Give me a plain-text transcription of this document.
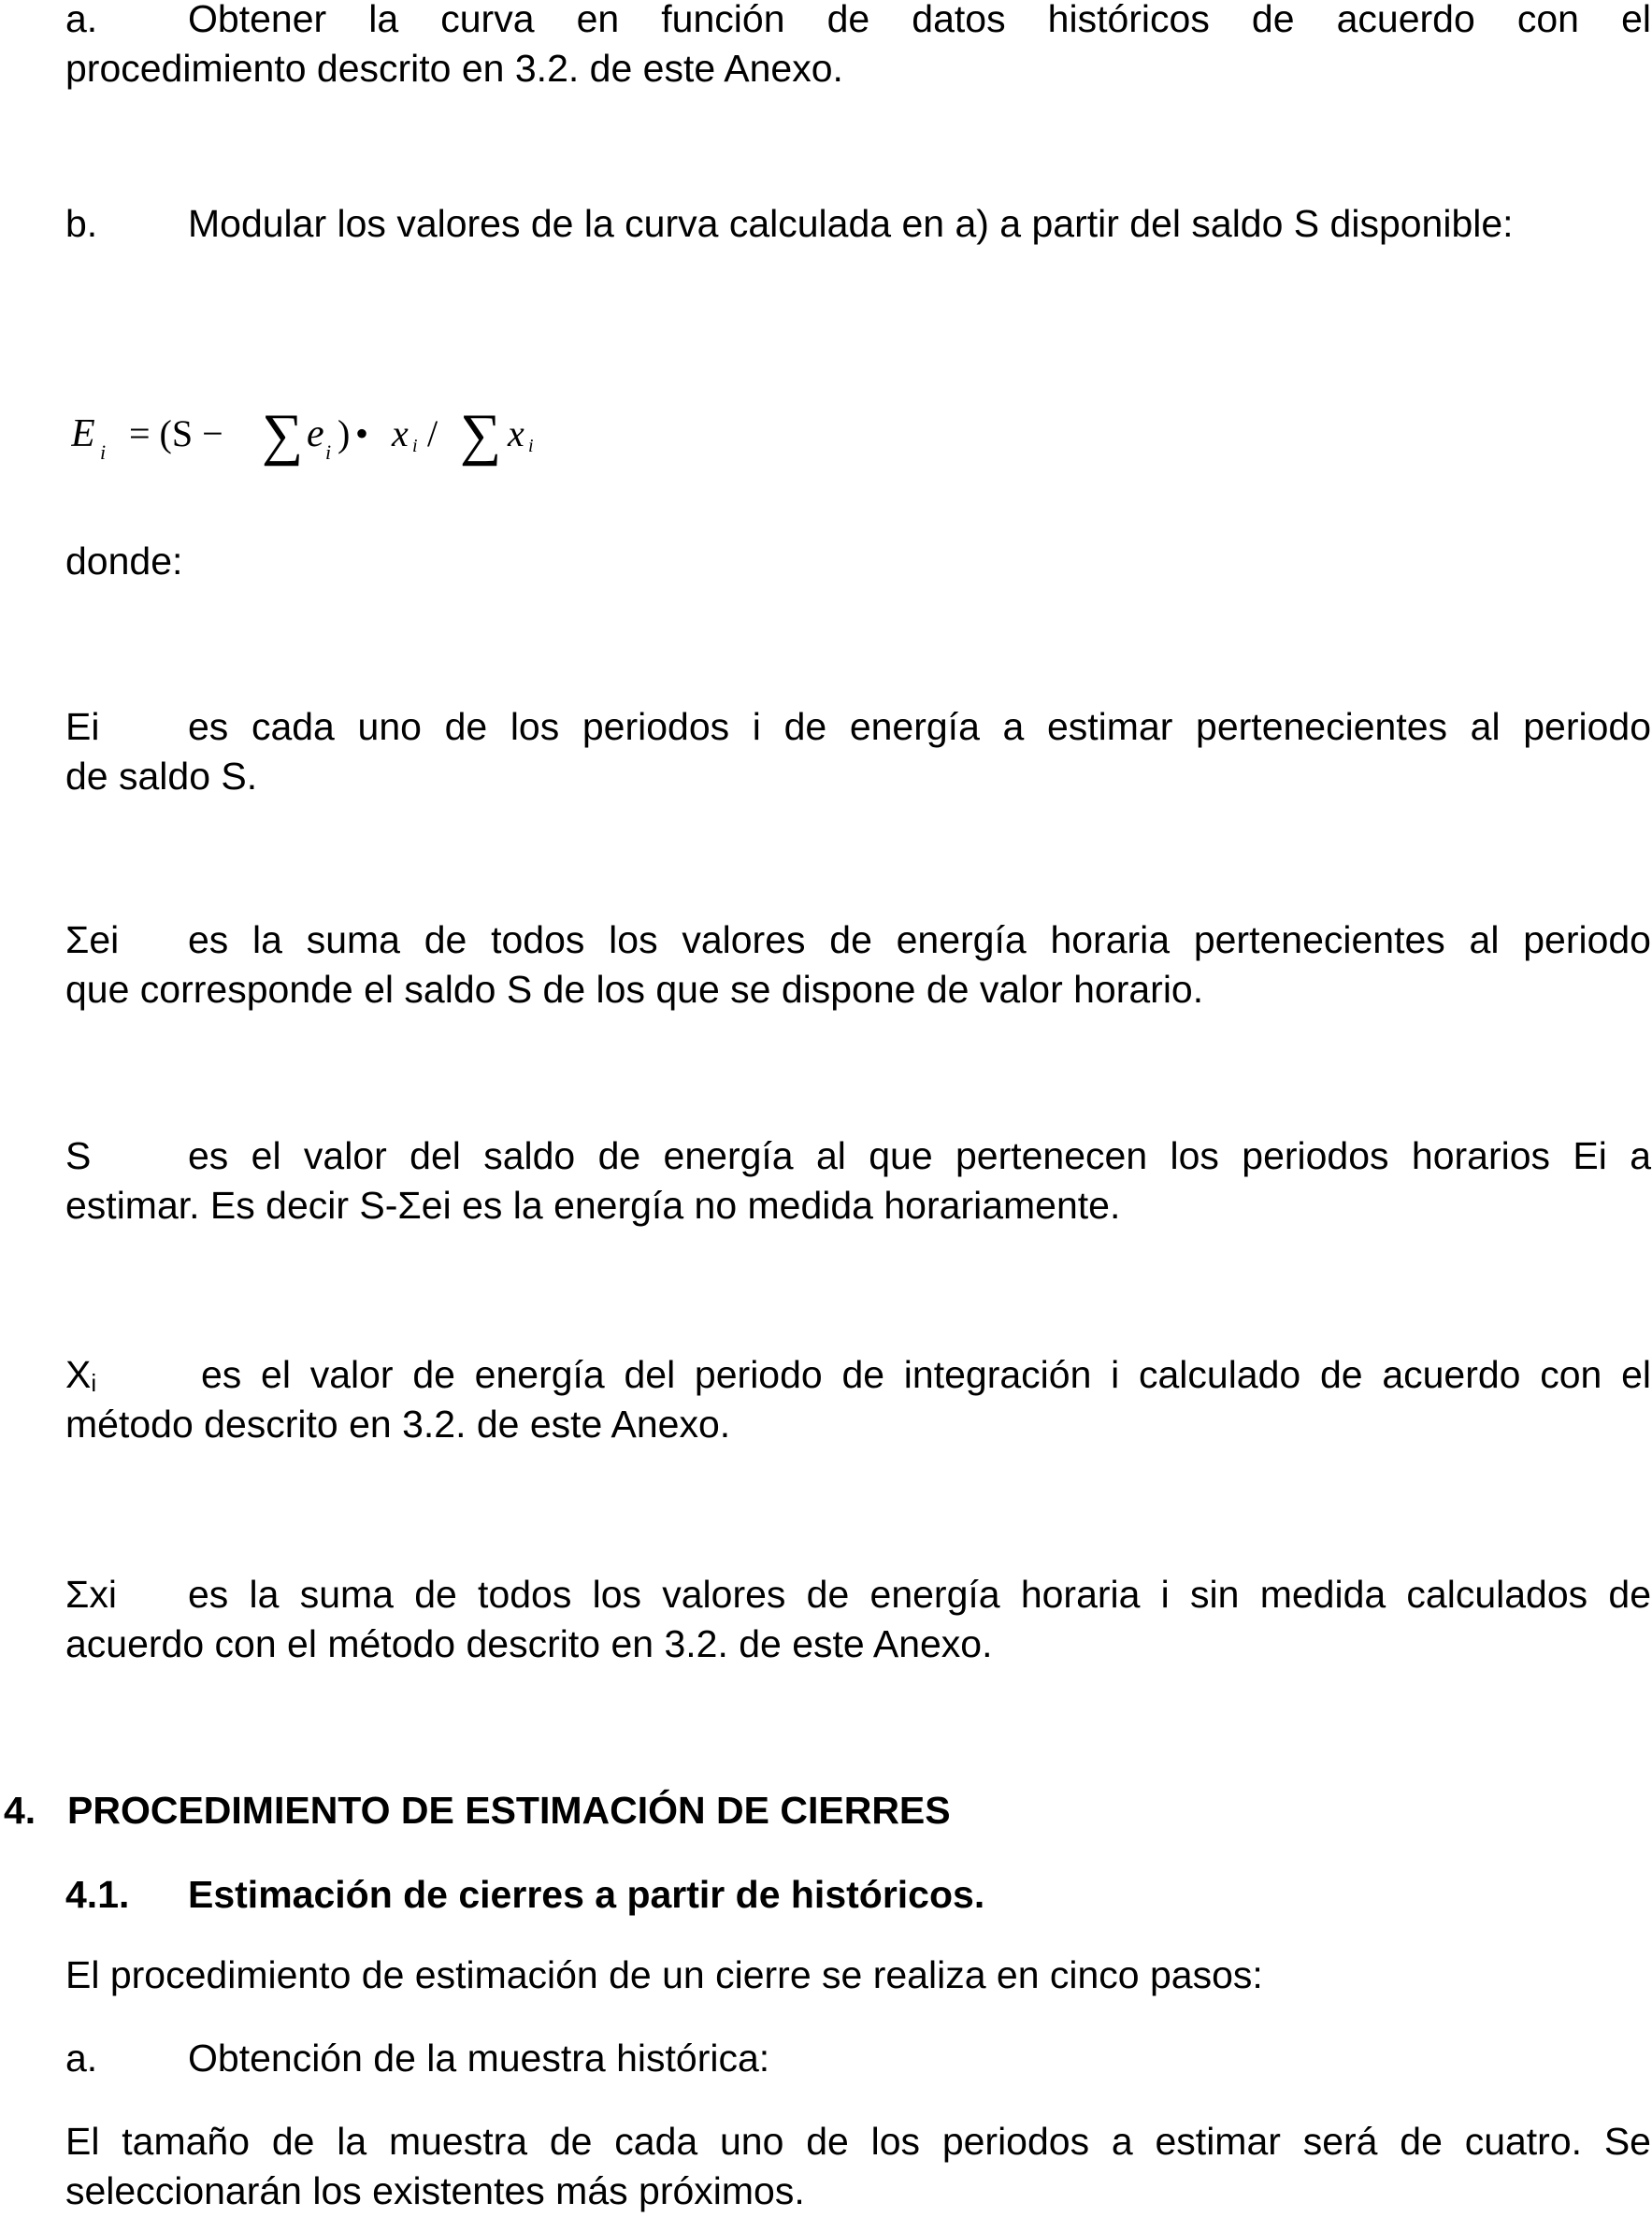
a.	Obtener la curva en función de datos históricos de acuerdo con el
procedimiento descrito en 3.2. de este Anexo.
b.	Modular los valores de la curva calculada en a) a partir del saldo S disponible:
E i = (S − ∑ e i ) • x i / ∑ x i
donde:
Ei	es cada uno de los periodos i de energía a estimar pertenecientes al periodo
de saldo S.
Σei	es la suma de todos los valores de energía horaria pertenecientes al periodo
que corresponde el saldo S de los que se dispone de valor horario.
S	es el valor del saldo de energía al que pertenecen los periodos horarios Ei a
estimar. Es decir S-Σei es la energía no medida horariamente.
$X_i$	es el valor de energía del periodo de integración i calculado de acuerdo con el
método descrito en 3.2. de este Anexo.
Σxi	es la suma de todos los valores de energía horaria i sin medida calculados de
acuerdo con el método descrito en 3.2. de este Anexo.
4. PROCEDIMIENTO DE ESTIMACIÓN DE CIERRES
4.1. Estimación de cierres a partir de históricos.
El procedimiento de estimación de un cierre se realiza en cinco pasos:
a.	Obtención de la muestra histórica:
El tamaño de la muestra de cada uno de los periodos a estimar será de cuatro. Se
seleccionarán los existentes más próximos.
